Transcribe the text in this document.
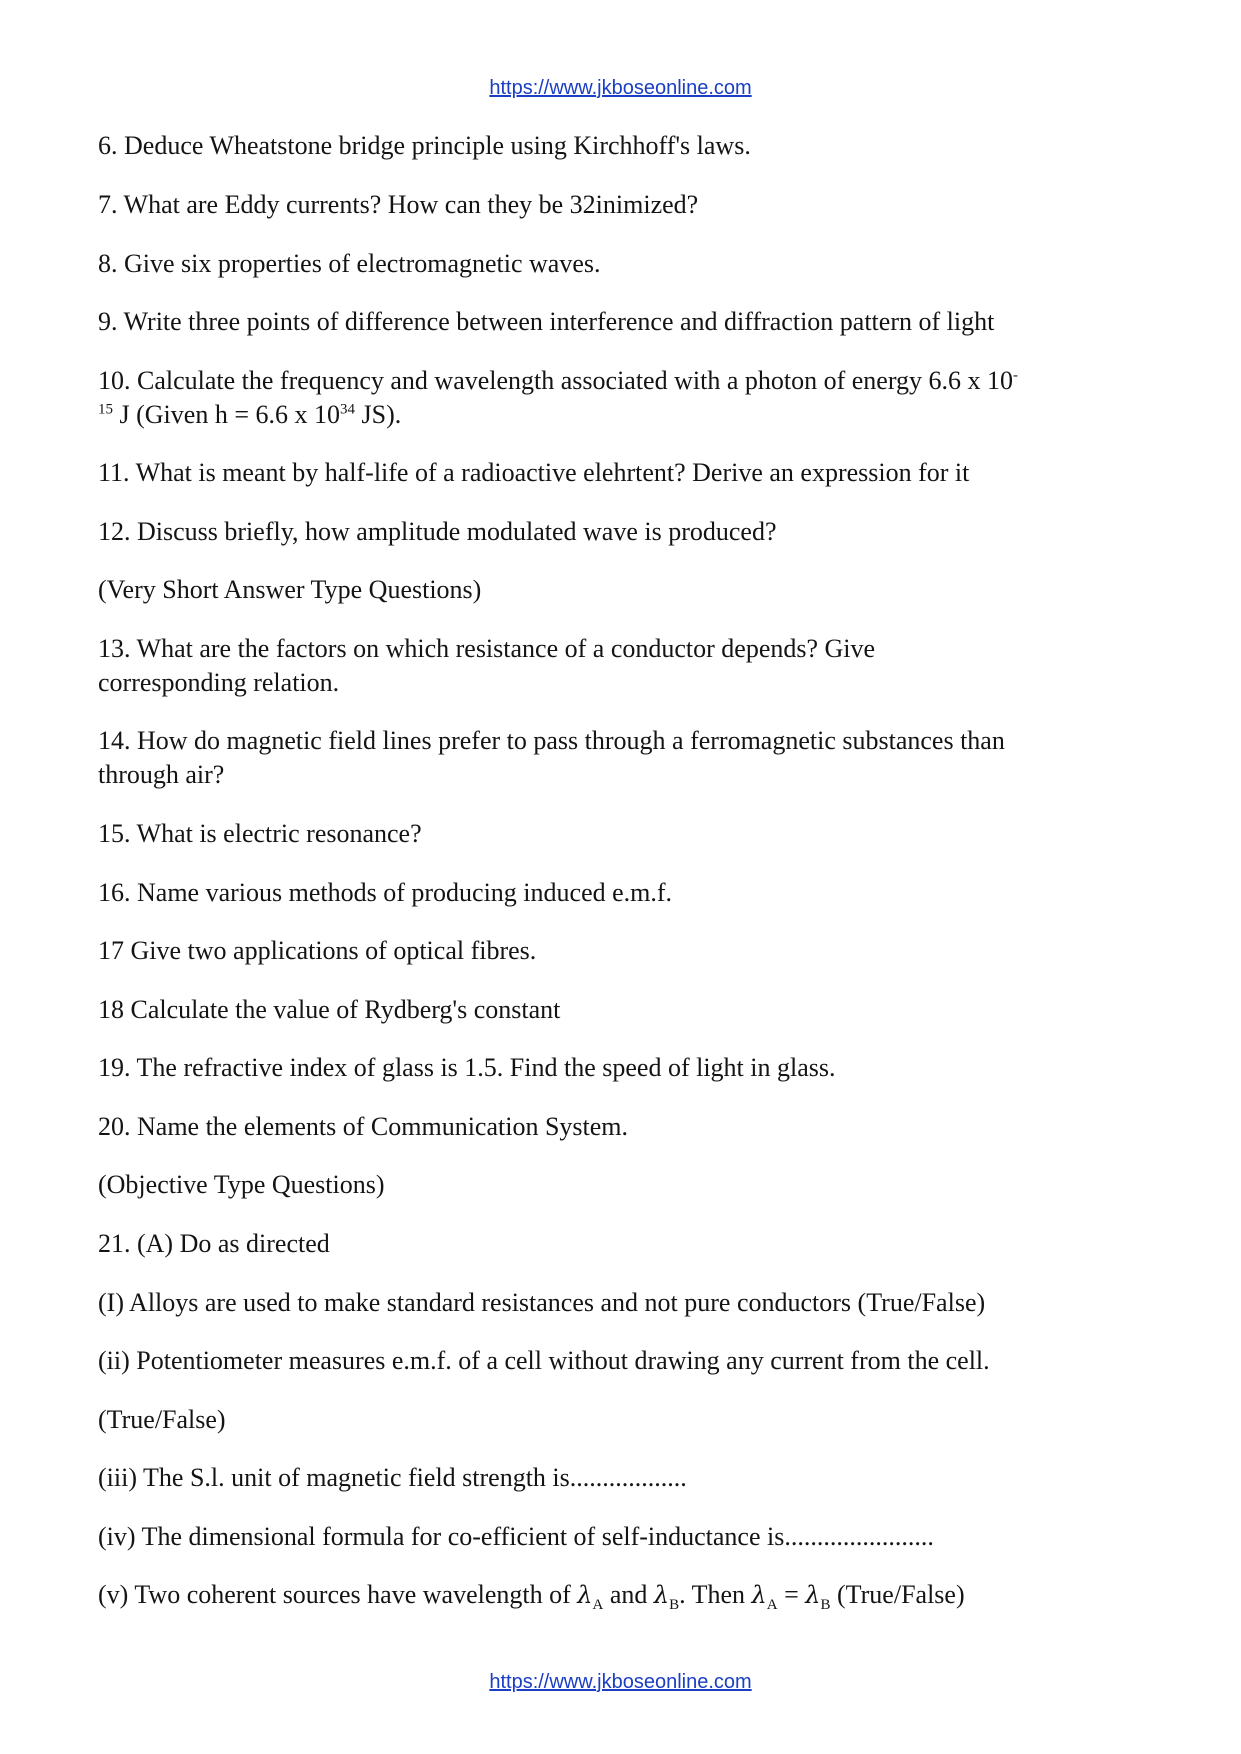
https://www.jkboseonline.com
6. Deduce Wheatstone bridge principle using Kirchhoff's laws.
7. What are Eddy currents? How can they be 32inimized?
8. Give six properties of electromagnetic waves.
9. Write three points of difference between interference and diffraction pattern of light
10. Calculate the frequency and wavelength associated with a photon of energy 6.6 x 10-
$^{15}$ J (Given h = 6.6 x $10^{34}$ JS).
11. What is meant by half-life of a radioactive elehrtent? Derive an expression for it
12. Discuss briefly, how amplitude modulated wave is produced?
(Very Short Answer Type Questions)
13. What are the factors on which resistance of a conductor depends? Give
corresponding relation.
14. How do magnetic field lines prefer to pass through a ferromagnetic substances than
through air?
15. What is electric resonance?
16. Name various methods of producing induced e.m.f.
17 Give two applications of optical fibres.
18 Calculate the value of Rydberg's constant
19. The refractive index of glass is 1.5. Find the speed of light in glass.
20. Name the elements of Communication System.
(Objective Type Questions)
21. (A) Do as directed
(I) Alloys are used to make standard resistances and not pure conductors (True/False)
(ii) Potentiometer measures e.m.f. of a cell without drawing any current from the cell.
(True/False)
(iii) The S.l. unit of magnetic field strength is..................
(iv) The dimensional formula for co-efficient of self-inductance is.......................
(v) Two coherent sources have wavelength of $\lambda_A$ and $\lambda_B$. Then $\lambda_A = \lambda_B$ (True/False)
https://www.jkboseonline.com
